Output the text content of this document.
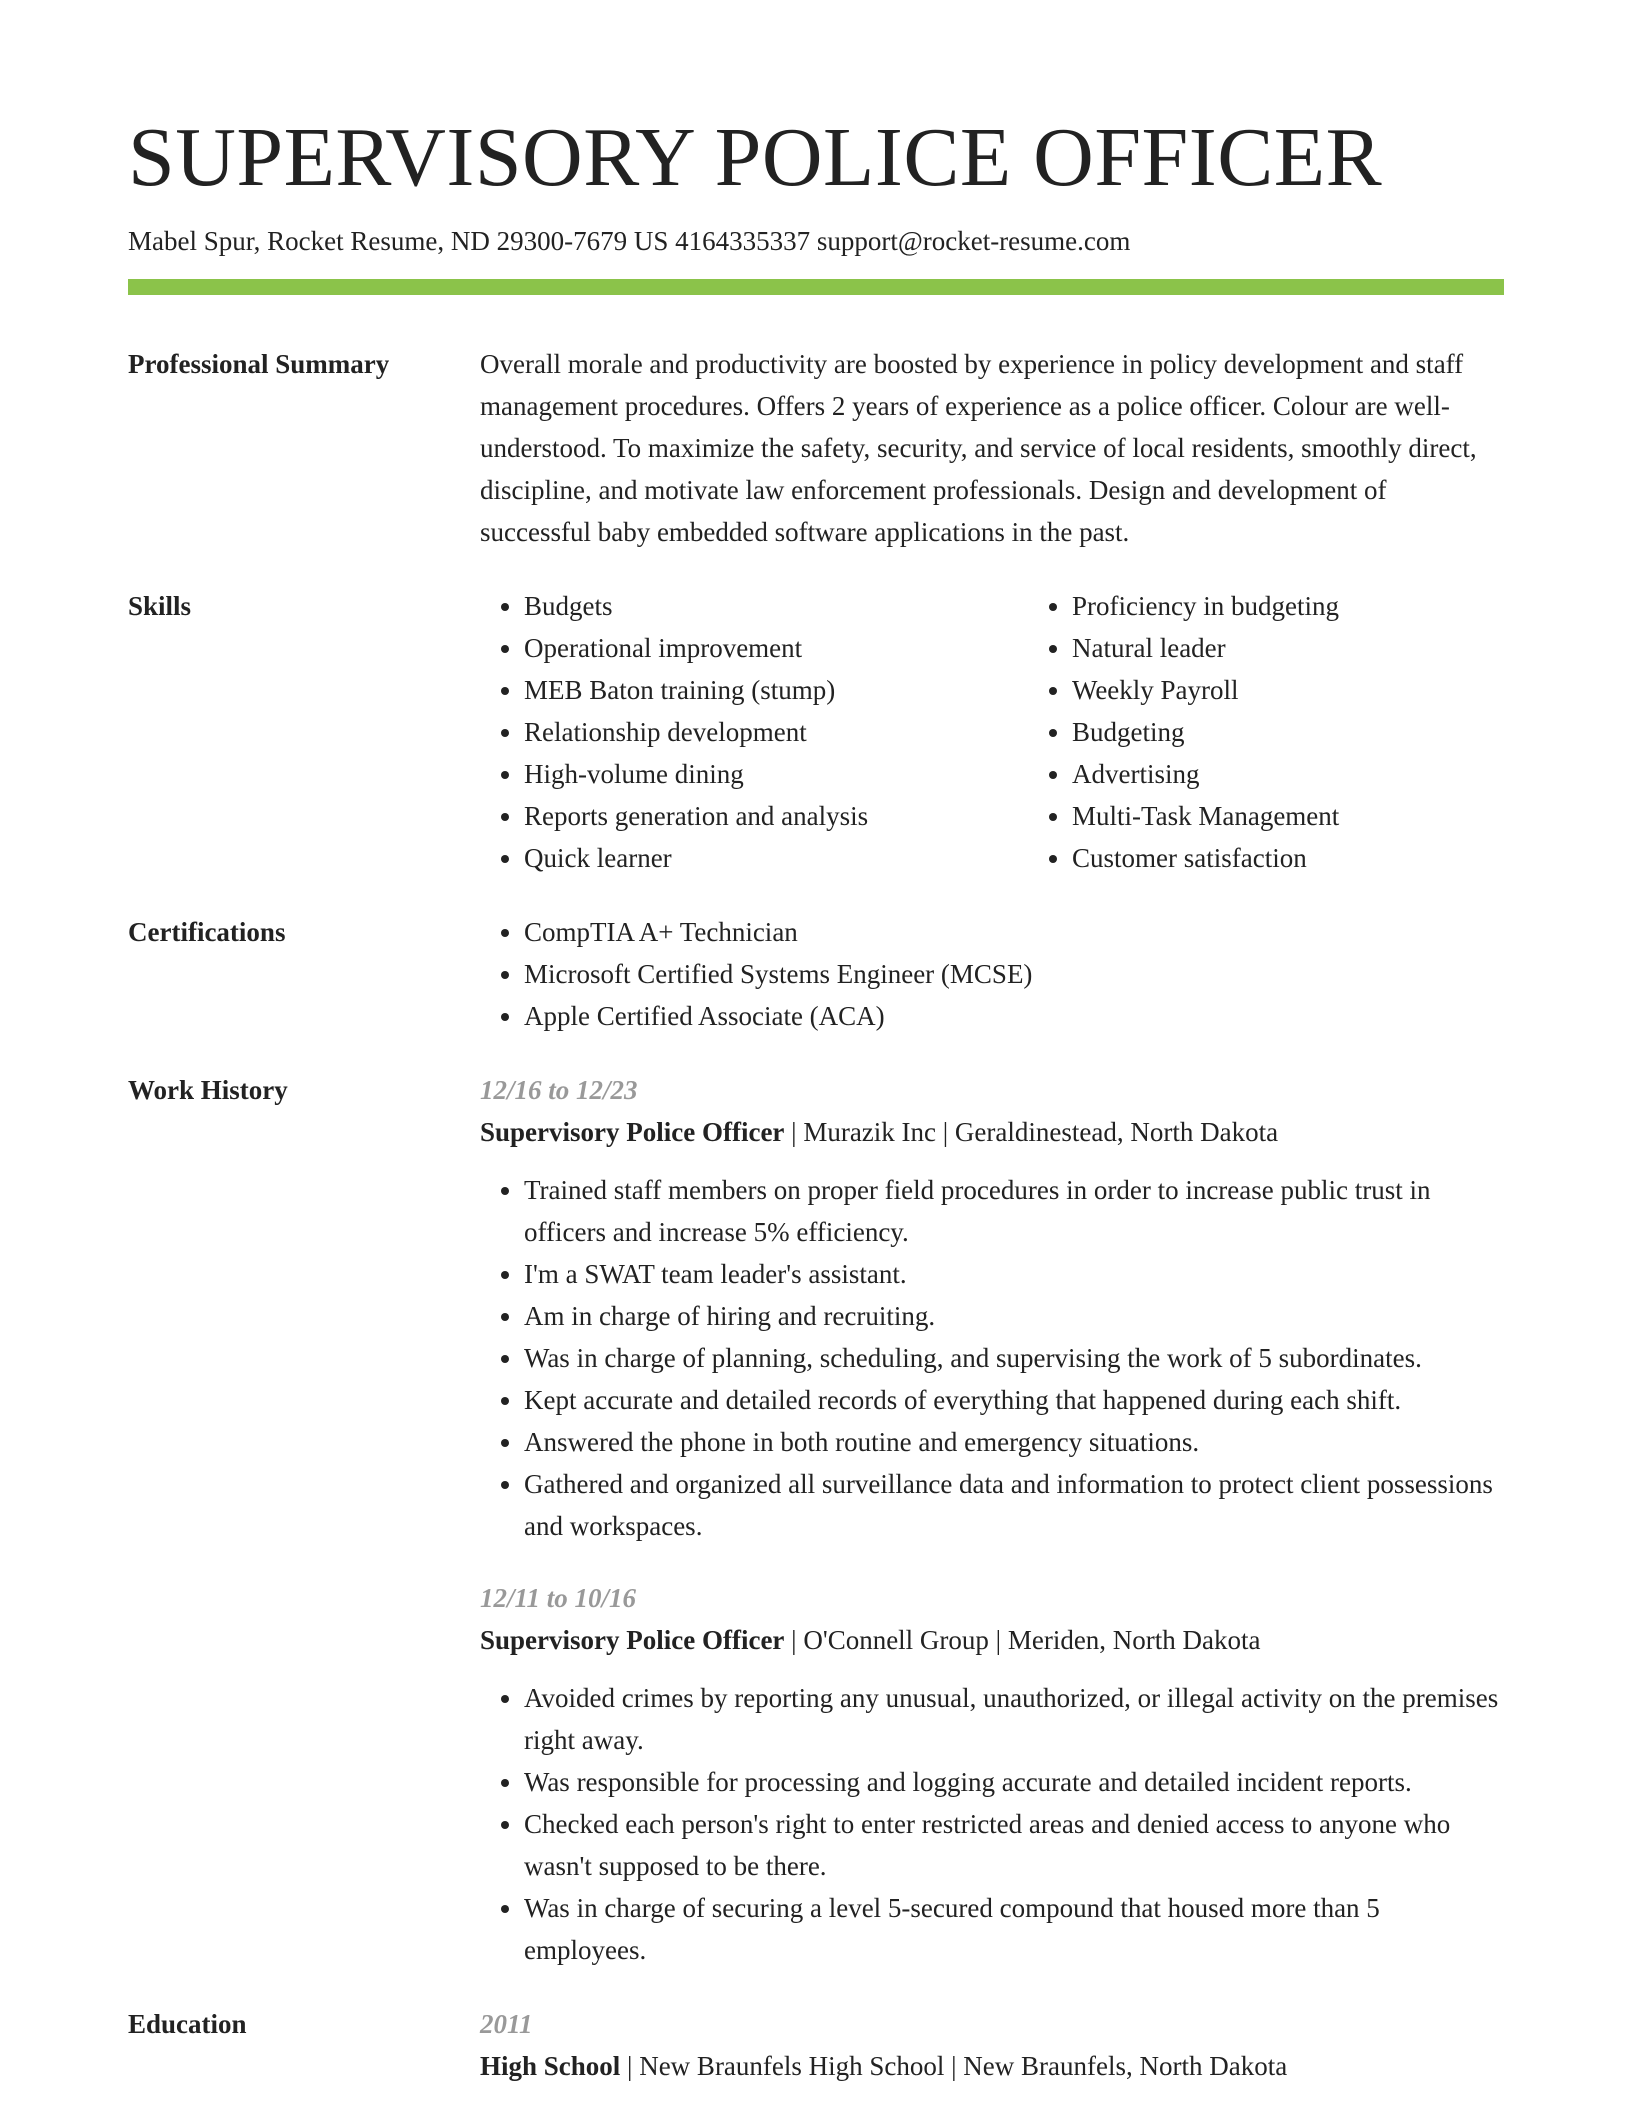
SUPERVISORY POLICE OFFICER
Mabel Spur, Rocket Resume, ND 29300-7679 US 4164335337 support@rocket-resume.com
Professional Summary	Overall morale and productivity are boosted by experience in policy development and staff management procedures. Offers 2 years of experience as a police officer. Colour are well-understood. To maximize the safety, security, and service of local residents, smoothly direct, discipline, and motivate law enforcement professionals. Design and development of successful baby embedded software applications in the past.

Skills	• Budgets
• Operational improvement
• MEB Baton training (stump)
• Relationship development
• High-volume dining
• Reports generation and analysis
• Quick learner
• Proficiency in budgeting
• Natural leader
• Weekly Payroll
• Budgeting
• Advertising
• Multi-Task Management
• Customer satisfaction
Certifications	• CompTIA A+ Technician
• Microsoft Certified Systems Engineer (MCSE)
• Apple Certified Associate (ACA)
Work History	12/16 to 12/23
Supervisory Police Officer | Murazik Inc | Geraldinestead, North Dakota
• Trained staff members on proper field procedures in order to increase public trust in officers and increase 5% efficiency.
• I'm a SWAT team leader's assistant.
• Am in charge of hiring and recruiting.
• Was in charge of planning, scheduling, and supervising the work of 5 subordinates.
• Kept accurate and detailed records of everything that happened during each shift.
• Answered the phone in both routine and emergency situations.
• Gathered and organized all surveillance data and information to protect client possessions and workspaces.
12/11 to 10/16
Supervisory Police Officer | O'Connell Group | Meriden, North Dakota
• Avoided crimes by reporting any unusual, unauthorized, or illegal activity on the premises right away.
• Was responsible for processing and logging accurate and detailed incident reports.
• Checked each person's right to enter restricted areas and denied access to anyone who wasn't supposed to be there.
• Was in charge of securing a level 5-secured compound that housed more than 5 employees.
Education	2011
High School | New Braunfels High School | New Braunfels, North Dakota
